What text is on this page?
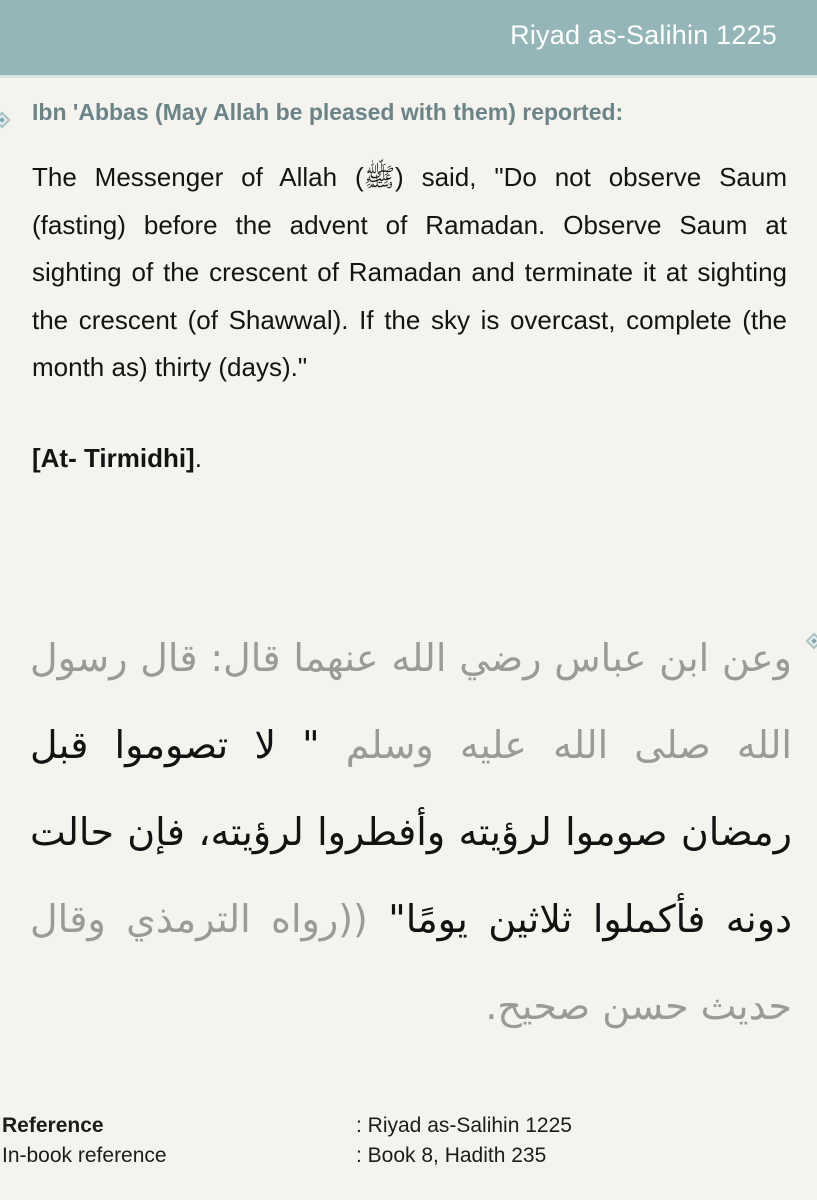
Riyad as-Salihin 1225
Ibn 'Abbas (May Allah be pleased with them) reported:
The Messenger of Allah (ﷺ) said, "Do not observe Saum (fasting) before the advent of Ramadan. Observe Saum at sighting of the crescent of Ramadan and terminate it at sighting the crescent (of Shawwal). If the sky is overcast, complete (the month as) thirty (days)."
[At- Tirmidhi].
وعن ابن عباس رضي الله عنهما قال: قال رسول الله صلى الله عليه وسلم " لا تصوموا قبل رمضان صوموا لرؤيته وأفطروا لرؤيته، فإن حالت دونه فأكملوا ثلاثين يومًا" ((رواه الترمذي وقال حديث حسن صحيح.
Reference	: Riyad as-Salihin 1225
In-book reference	: Book 8, Hadith 235
